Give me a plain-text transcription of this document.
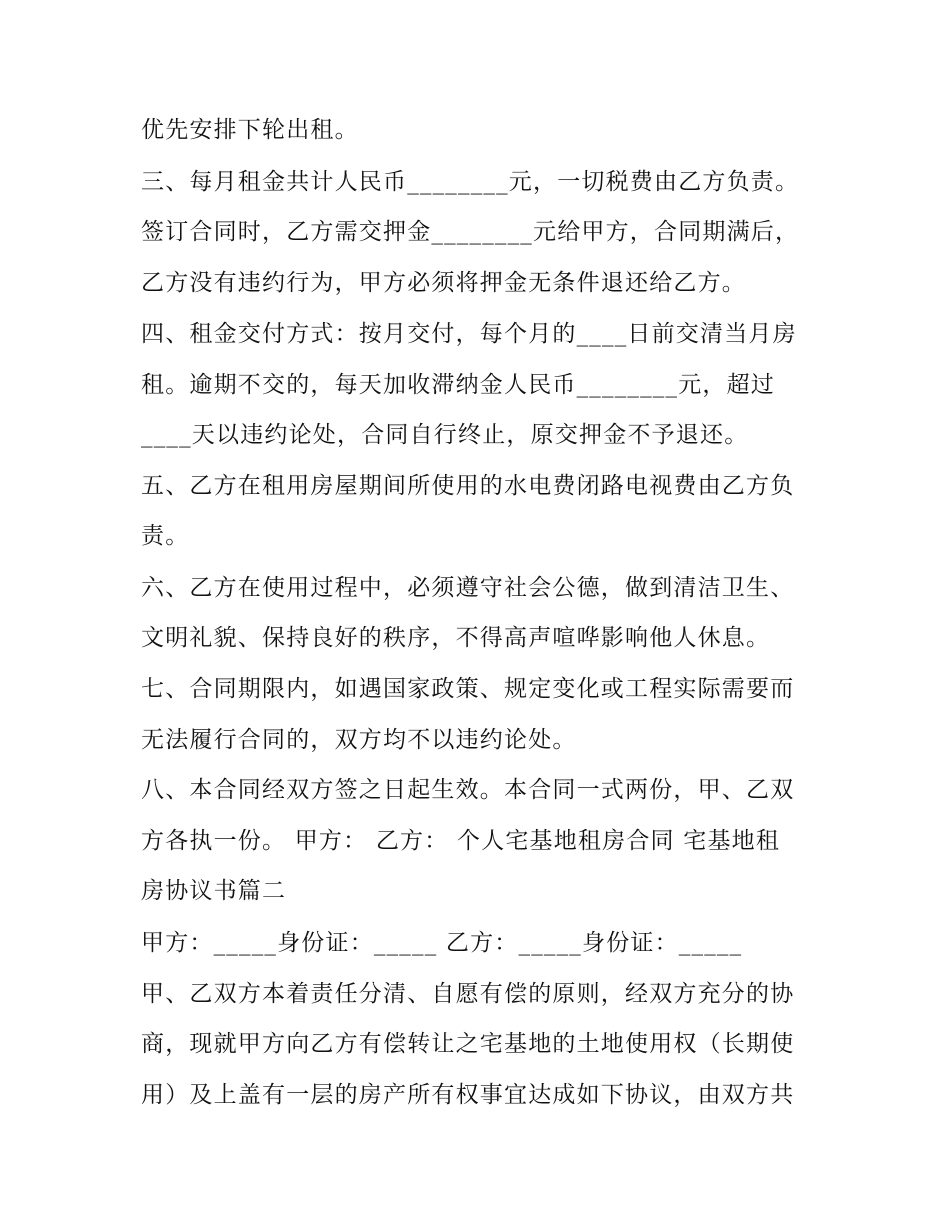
优先安排下轮出租。

三、每月租金共计人民币________元，一切税费由乙方负责。

签订合同时，乙方需交押金________元给甲方，合同期满后，

乙方没有违约行为，甲方必须将押金无条件退还给乙方。

四、租金交付方式：按月交付，每个月的____日前交清当月房

租。逾期不交的，每天加收滞纳金人民币________元，超过

____天以违约论处，合同自行终止，原交押金不予退还。

五、乙方在租用房屋期间所使用的水电费闭路电视费由乙方负

责。

六、乙方在使用过程中，必须遵守社会公德，做到清洁卫生、

文明礼貌、保持良好的秩序，不得高声喧哗影响他人休息。

七、合同期限内，如遇国家政策、规定变化或工程实际需要而

无法履行合同的，双方均不以违约论处。

八、本合同经双方签之日起生效。本合同一式两份，甲、乙双

方各执一份。 甲方： 乙方： 个人宅基地租房合同 宅基地租

房协议书篇二

甲方：_____身份证：_____ 乙方：_____身份证：_____

甲、乙双方本着责任分清、自愿有偿的原则，经双方充分的协

商，现就甲方向乙方有偿转让之宅基地的土地使用权（长期使

用）及上盖有一层的房产所有权事宜达成如下协议，由双方共
